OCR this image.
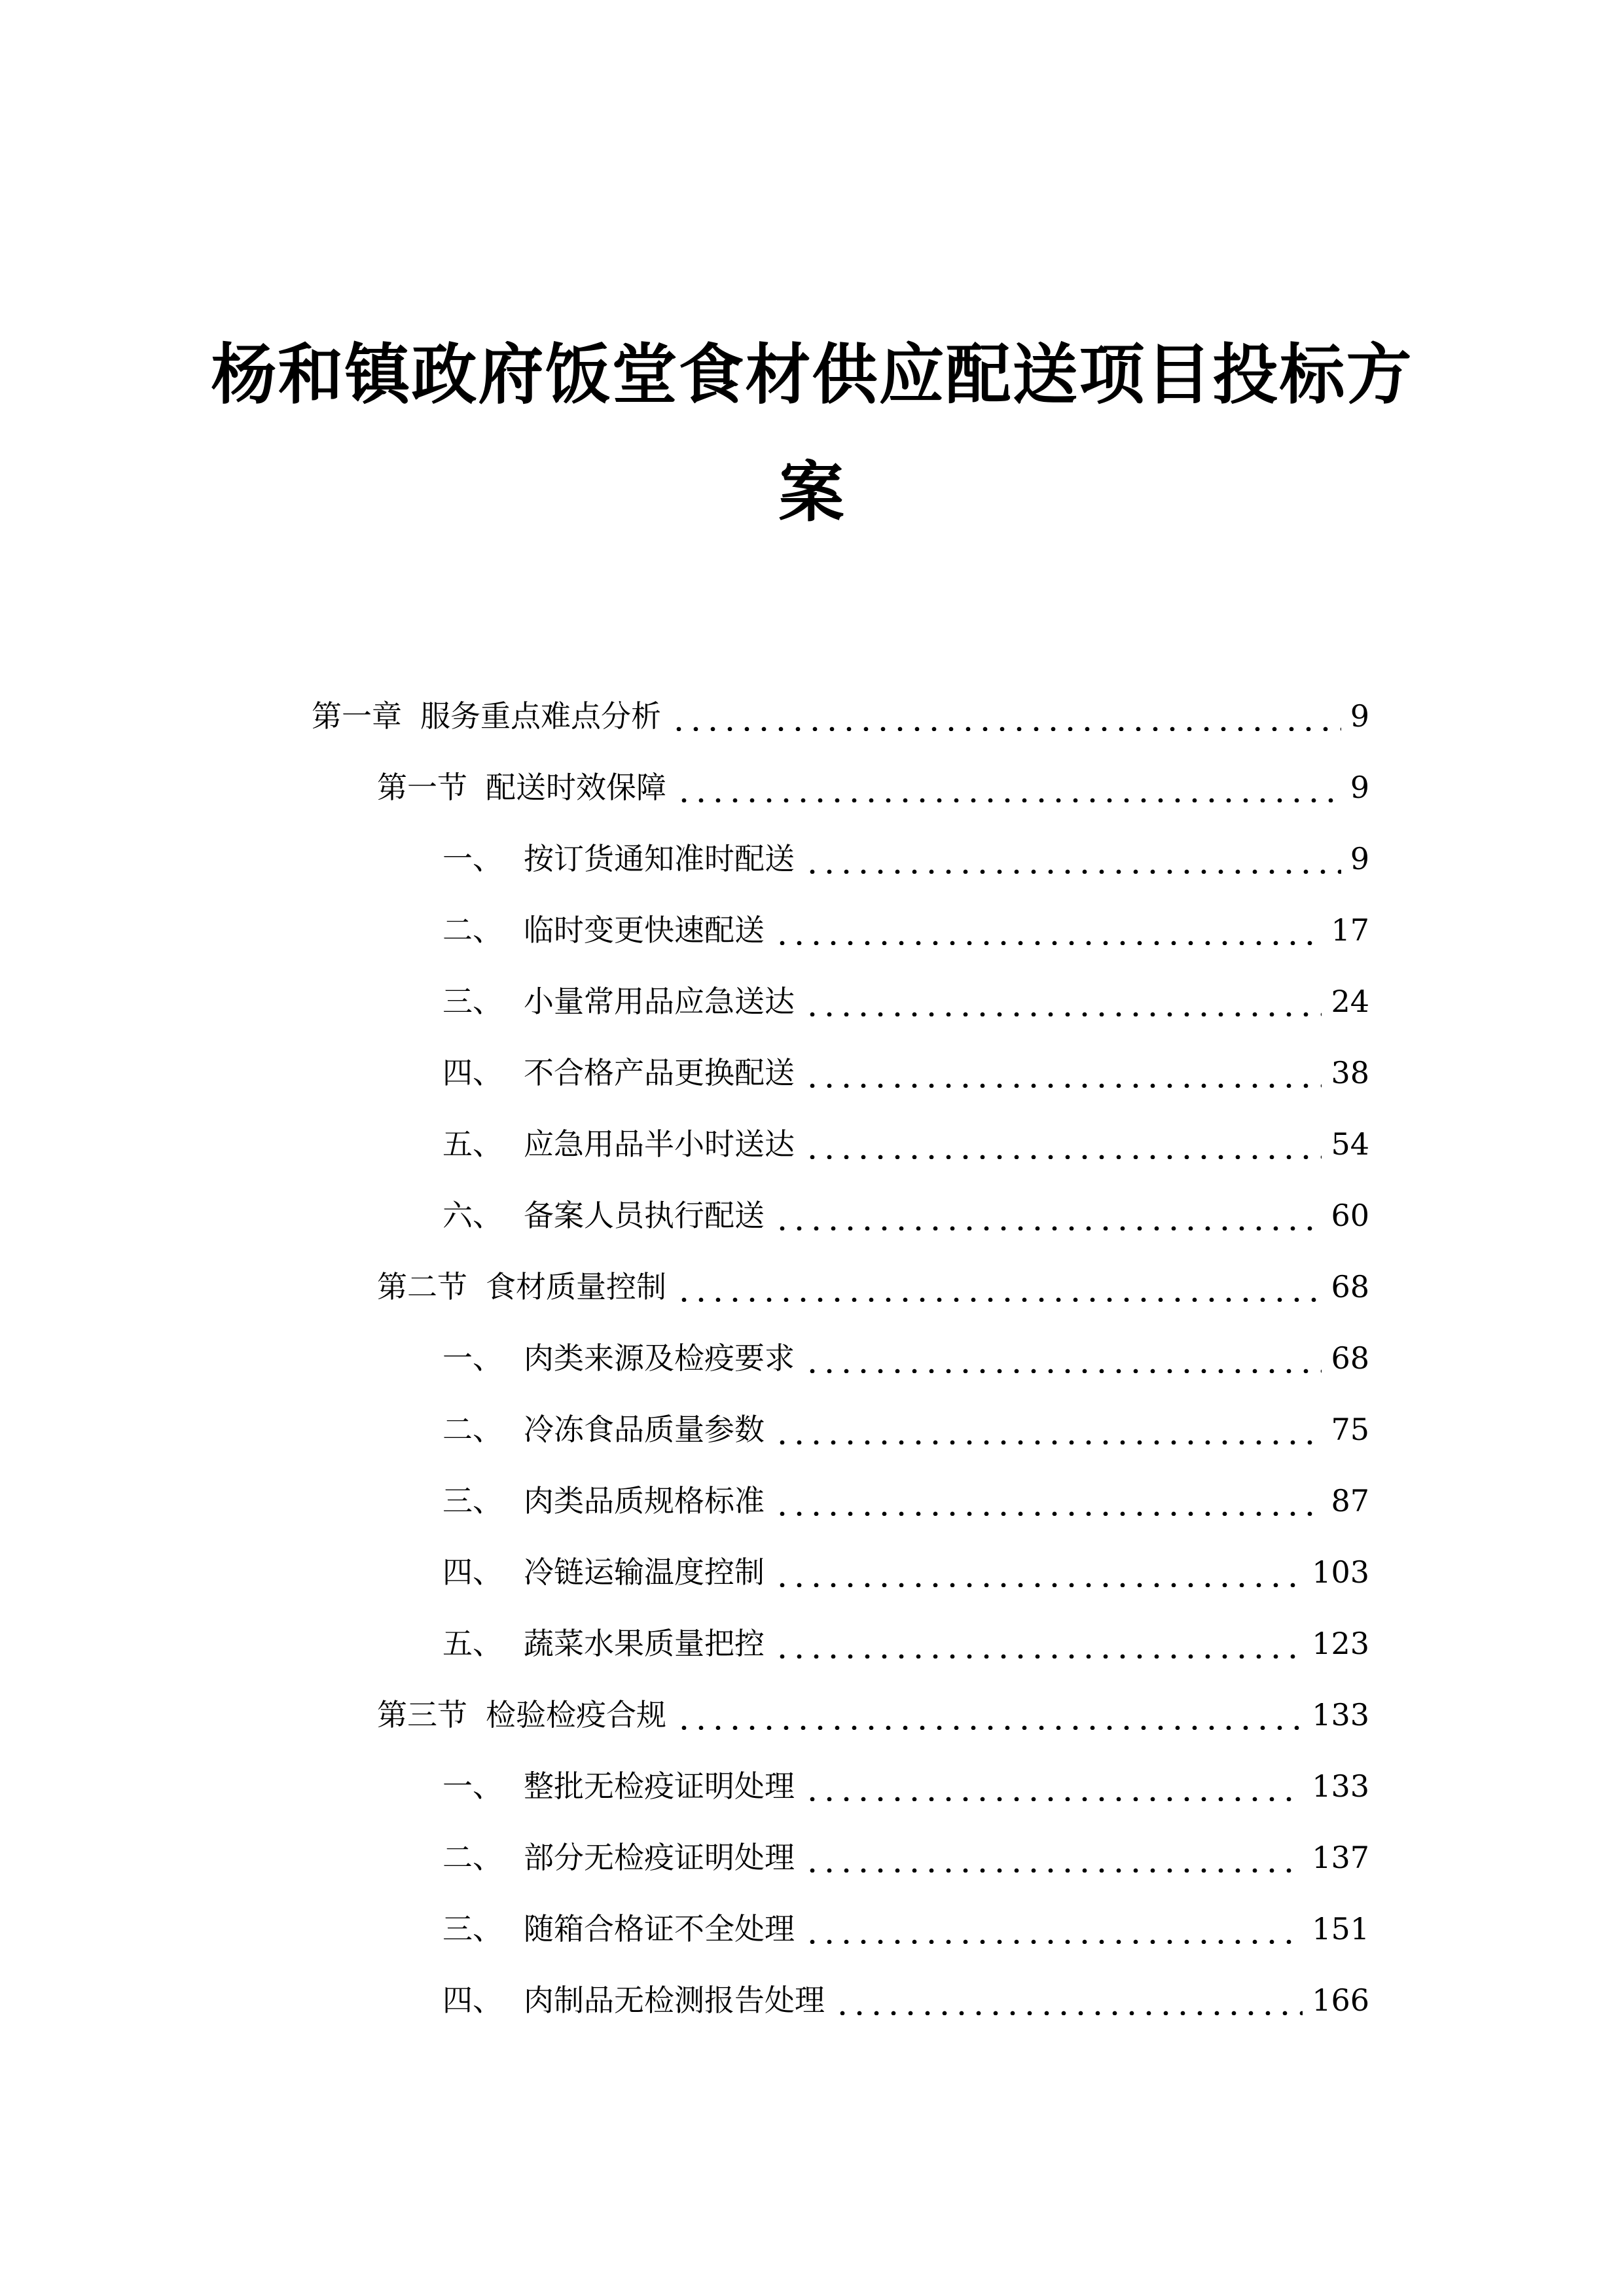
杨和镇政府饭堂食材供应配送项目投标方
案
第一章 服务重点难点分析	9
第一节 配送时效保障	9
一、 按订货通知准时配送	9
二、 临时变更快速配送	17
三、 小量常用品应急送达	24
四、 不合格产品更换配送	38
五、 应急用品半小时送达	54
六、 备案人员执行配送	60
第二节 食材质量控制	68
一、 肉类来源及检疫要求	68
二、 冷冻食品质量参数	75
三、 肉类品质规格标准	87
四、 冷链运输温度控制	103
五、 蔬菜水果质量把控	123
第三节 检验检疫合规	133
一、 整批无检疫证明处理	133
二、 部分无检疫证明处理	137
三、 随箱合格证不全处理	151
四、 肉制品无检测报告处理	166
